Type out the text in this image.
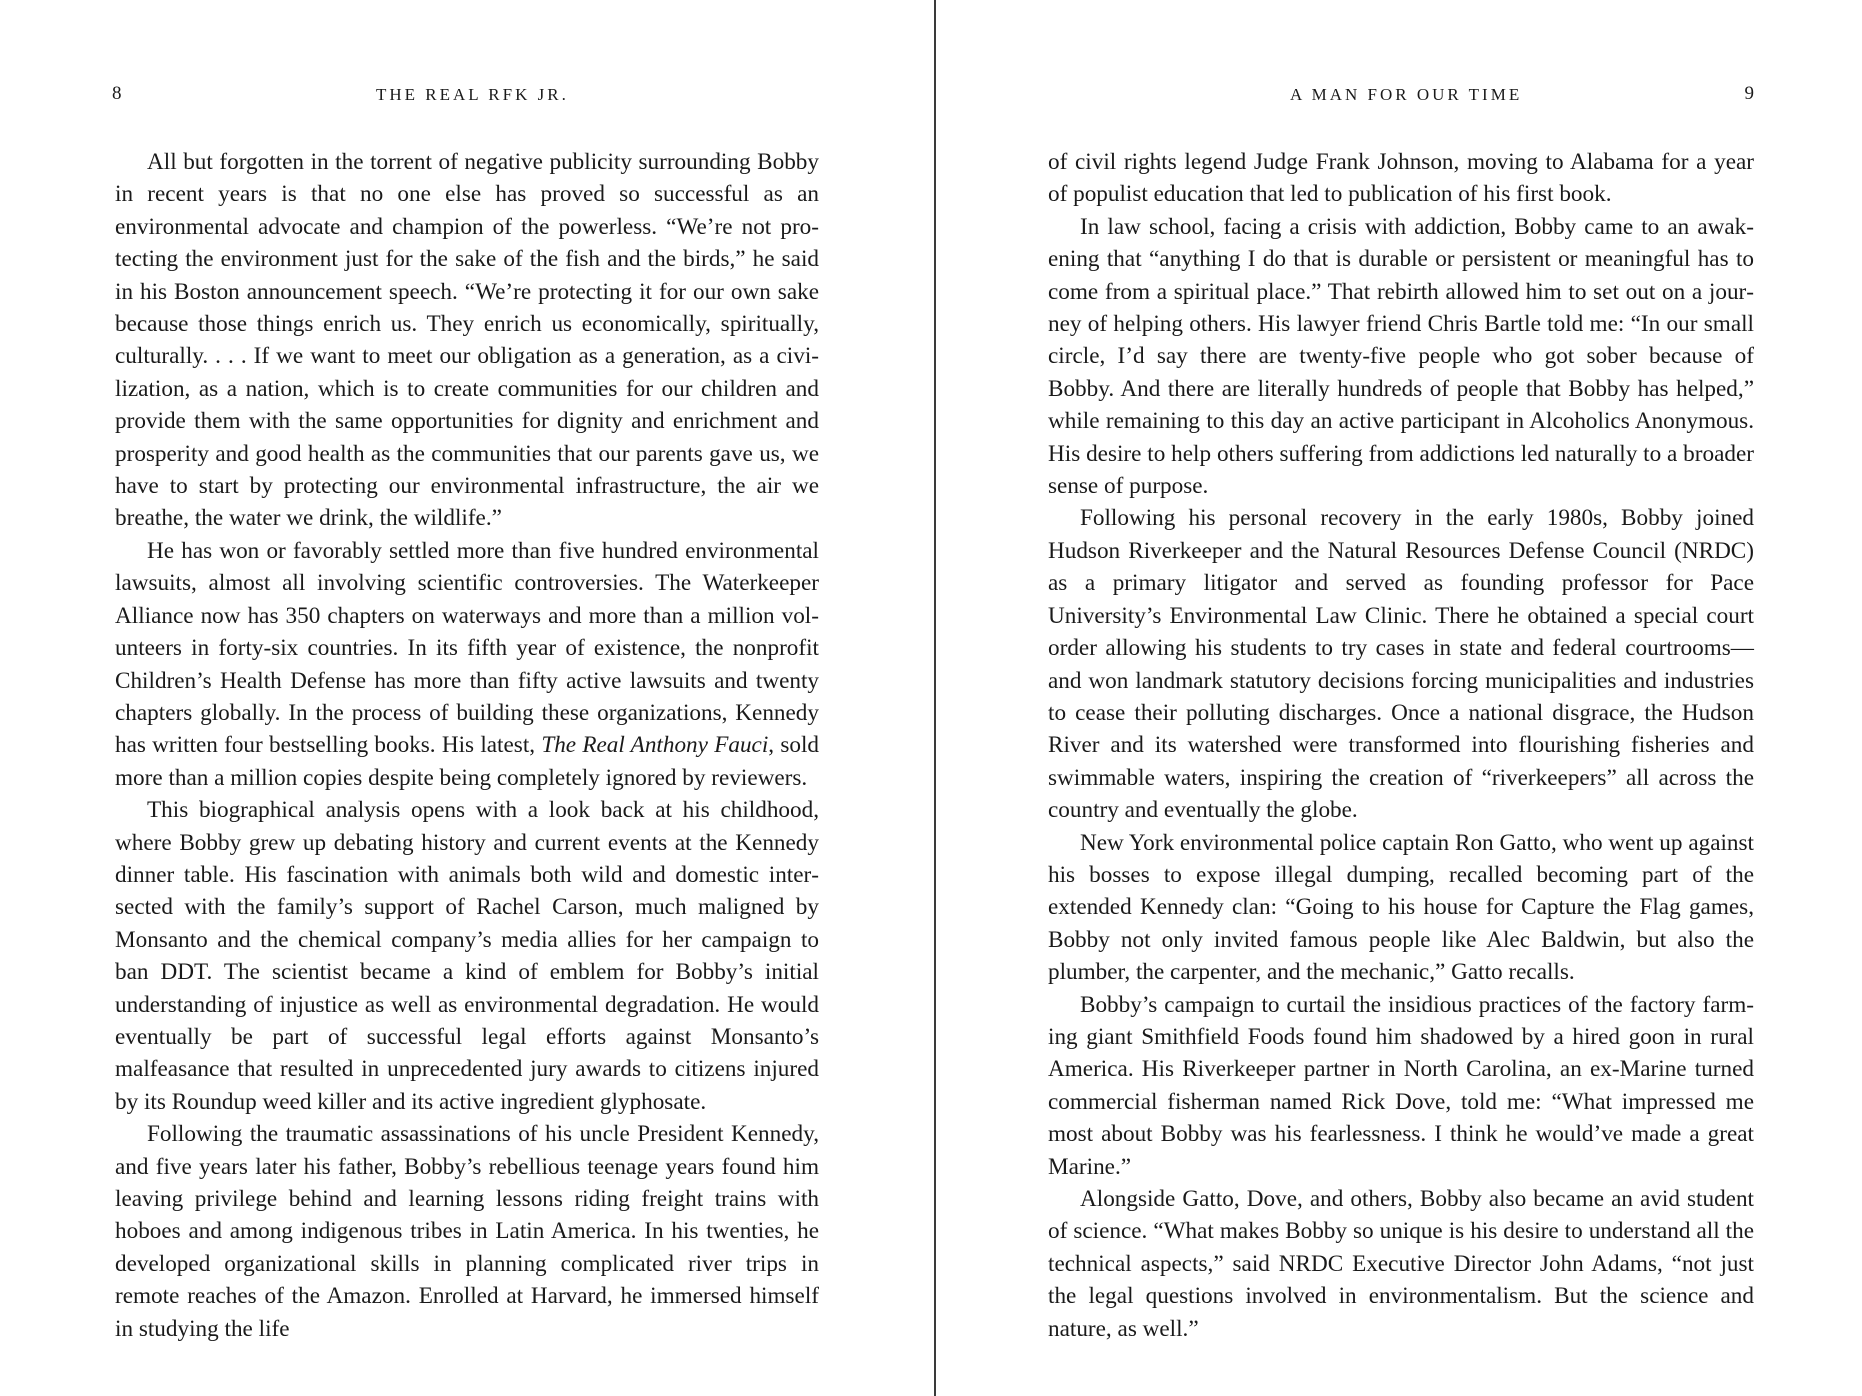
8	THE REAL RFK JR.

All but forgotten in the torrent of negative publicity surrounding Bobby in recent years is that no one else has proved so successful as an environmental advocate and champion of the powerless. “We’re not protecting the environment just for the sake of the fish and the birds,” he said in his Boston announcement speech. “We’re protecting it for our own sake because those things enrich us. They enrich us economically, spiritually, culturally. . . . If we want to meet our obligation as a generation, as a civilization, as a nation, which is to create communities for our children and provide them with the same opportunities for dignity and enrichment and prosperity and good health as the communities that our parents gave us, we have to start by protecting our environmental infrastructure, the air we breathe, the water we drink, the wildlife.”

He has won or favorably settled more than five hundred environmental lawsuits, almost all involving scientific controversies. The Waterkeeper Alliance now has 350 chapters on waterways and more than a million volunteers in forty-six countries. In its fifth year of existence, the nonprofit Children’s Health Defense has more than fifty active lawsuits and twenty chapters globally. In the process of building these organizations, Kennedy has written four bestselling books. His latest, The Real Anthony Fauci, sold more than a million copies despite being completely ignored by reviewers.

This biographical analysis opens with a look back at his childhood, where Bobby grew up debating history and current events at the Kennedy dinner table. His fascination with animals both wild and domestic intersected with the family’s support of Rachel Carson, much maligned by Monsanto and the chemical company’s media allies for her campaign to ban DDT. The scientist became a kind of emblem for Bobby’s initial understanding of injustice as well as environmental degradation. He would eventually be part of successful legal efforts against Monsanto’s malfeasance that resulted in unprecedented jury awards to citizens injured by its Roundup weed killer and its active ingredient glyphosate.

Following the traumatic assassinations of his uncle President Kennedy, and five years later his father, Bobby’s rebellious teenage years found him leaving privilege behind and learning lessons riding freight trains with hoboes and among indigenous tribes in Latin America. In his twenties, he developed organizational skills in planning complicated river trips in remote reaches of the Amazon. Enrolled at Harvard, he immersed himself in studying the life

A MAN FOR OUR TIME	9

of civil rights legend Judge Frank Johnson, moving to Alabama for a year of populist education that led to publication of his first book.

In law school, facing a crisis with addiction, Bobby came to an awakening that “anything I do that is durable or persistent or meaningful has to come from a spiritual place.” That rebirth allowed him to set out on a journey of helping others. His lawyer friend Chris Bartle told me: “In our small circle, I’d say there are twenty-five people who got sober because of Bobby. And there are literally hundreds of people that Bobby has helped,” while remaining to this day an active participant in Alcoholics Anonymous. His desire to help others suffering from addictions led naturally to a broader sense of purpose.

Following his personal recovery in the early 1980s, Bobby joined Hudson Riverkeeper and the Natural Resources Defense Council (NRDC) as a primary litigator and served as founding professor for Pace University’s Environmental Law Clinic. There he obtained a special court order allowing his students to try cases in state and federal courtrooms—and won landmark statutory decisions forcing municipalities and industries to cease their polluting discharges. Once a national disgrace, the Hudson River and its watershed were transformed into flourishing fisheries and swimmable waters, inspiring the creation of “riverkeepers” all across the country and eventually the globe.

New York environmental police captain Ron Gatto, who went up against his bosses to expose illegal dumping, recalled becoming part of the extended Kennedy clan: “Going to his house for Capture the Flag games, Bobby not only invited famous people like Alec Baldwin, but also the plumber, the carpenter, and the mechanic,” Gatto recalls.

Bobby’s campaign to curtail the insidious practices of the factory farming giant Smithfield Foods found him shadowed by a hired goon in rural America. His Riverkeeper partner in North Carolina, an ex-Marine turned commercial fisherman named Rick Dove, told me: “What impressed me most about Bobby was his fearlessness. I think he would’ve made a great Marine.”

Alongside Gatto, Dove, and others, Bobby also became an avid student of science. “What makes Bobby so unique is his desire to understand all the technical aspects,” said NRDC Executive Director John Adams, “not just the legal questions involved in environmentalism. But the science and nature, as well.”
